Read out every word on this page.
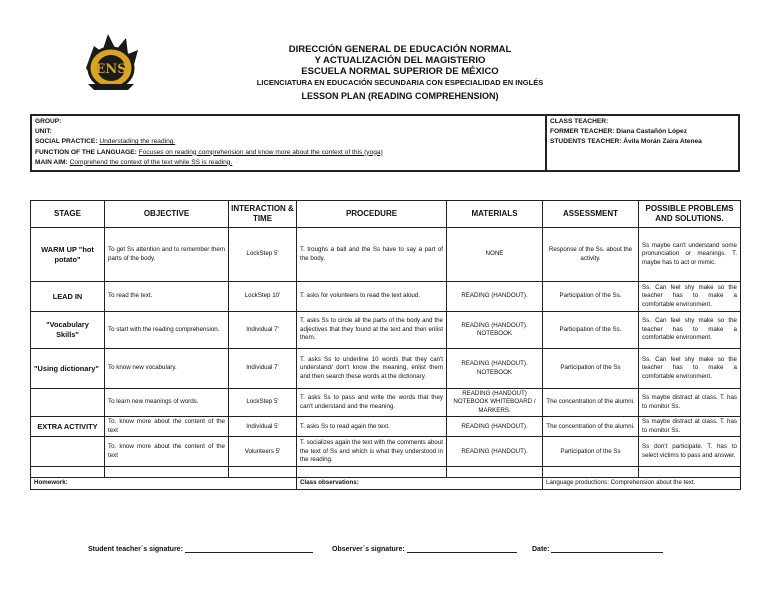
ENS
DIRECCIÓN GENERAL DE EDUCACIÓN NORMAL
Y ACTUALIZACIÓN DEL MAGISTERIO
ESCUELA NORMAL SUPERIOR DE MÉXICO
LICENCIATURA EN EDUCACIÓN SECUNDARIA CON ESPECIALIDAD EN INGLÉS
LESSON PLAN (READING COMPREHENSION)
GROUP:
UNIT:
SOCIAL PRACTICE: Understading the reading.
FUNCTION OF THE LANGUAGE: Focuses on reading comprehension and know more about the context of this (yoga)
MAIN AIM: Comprehend the context of the text while SS is reading.
CLASS TEACHER:
FORMER TEACHER: Diana Castañón López
STUDENTS TEACHER: Ávila Morán Zaira Atenea
STAGE	OBJECTIVE	INTERACTION & TIME	PROCEDURE	MATERIALS	ASSESSMENT	POSSIBLE PROBLEMS AND SOLUTIONS.
WARM UP "hot potato"	To get Ss attention and to remember them parts of the body.	LockStep 5'	T. troughs a ball and the Ss have to say a part of the body.	NONE	Response of the Ss. about the activity.	Ss maybe can't understand some pronunciation or meanings. T. maybe has to act or mimic.
LEAD IN	To read the text.	LockStep 10'	T. asks for volunteers to read the text aloud.	READING (HANDOUT).	Participation of the Ss.	Ss. Can feel shy make so the teacher has to make a comfortable environment.
"Vocabulary Skills"	To start with the reading comprehension.	Individual 7'	T. asks Ss to circle all the parts of the body and the adjectives that they found at the text and then enlist them.	READING (HANDOUT). NOTEBOOK	Participation of the Ss.	Ss. Can feel shy make so the teacher has to make a comfortable environment.
"Using dictionary"	To know new vocabulary.	Individual 7'	T. asks Ss to underline 10 words that they can't understand/ don't know the meaning, enlist them and then search these words at the dictionary.	READING (HANDOUT). NOTEBOOK	Participation of the Ss	Ss. Can feel shy make so the teacher has to make a comfortable environment.
	To learn new meanings of words.	LockStep 5'	T. asks Ss to pass and write the words that they can't understand and the meaning.	READING (HANDOUT) NOTEBOOK WHITEBOARD / MARKERS.	The concentration of the alumni.	Ss maybe distract at class. T. has to monitor Ss.
EXTRA ACTIVITY	To. know more about the content of the text	Individual 5'	T. asks Ss to read again the text.	READING (HANDOUT).	The concentration of the alumni.	Ss maybe distract at class. T. has to monitor Ss.
	To. know more about the content of the text	Volunteers 5'	T. socializes again the text with the comments about the text of Ss and which is what they understood in the reading.	READING (HANDOUT).	Participation of the Ss	Ss don't participate. T. has to select victims to pass and answer.

Homework:			Class observations:		Language productions: Comprehension about the text.	
Student teacher´s signature:	Observer´s signature:	Date:
